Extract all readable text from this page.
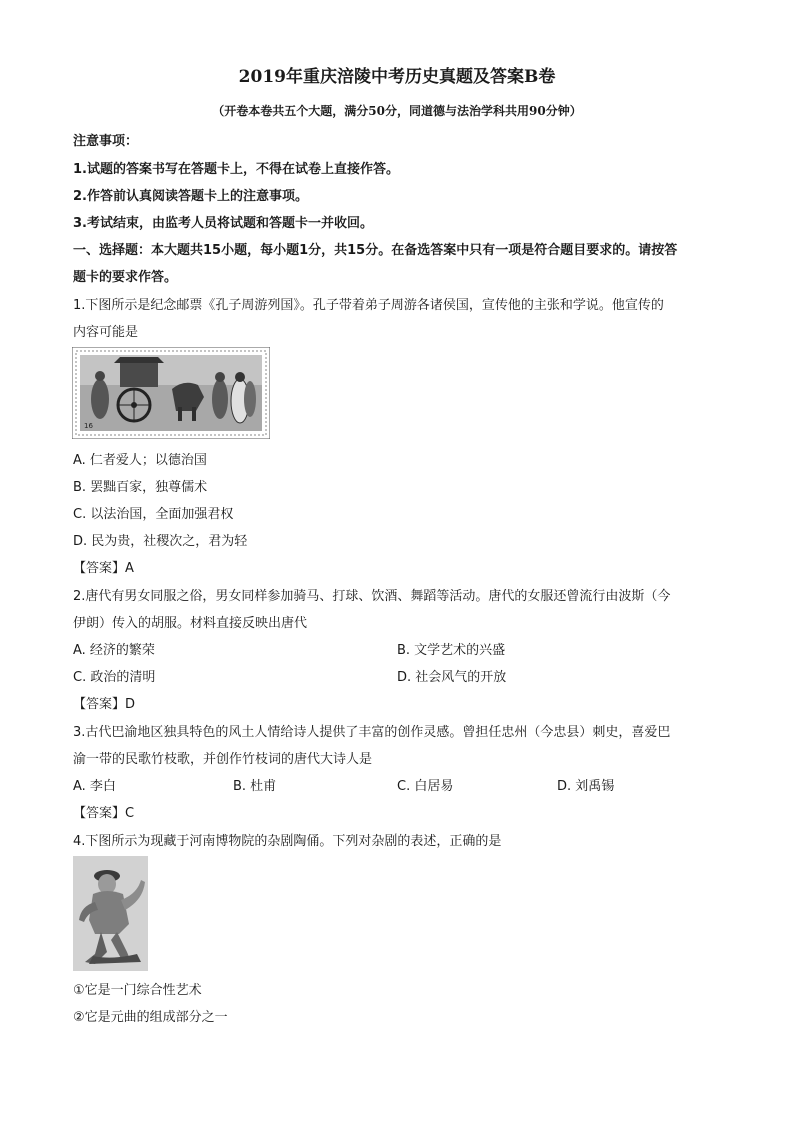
2019年重庆涪陵中考历史真题及答案B卷
（开卷本卷共五个大题，满分50分，同道德与法治学科共用90分钟）
注意事项：
1.试题的答案书写在答题卡上，不得在试卷上直接作答。
2.作答前认真阅读答题卡上的注意事项。
3.考试结束，由监考人员将试题和答题卡一并收回。
一、选择题：本大题共15小题，每小题1分，共15分。在备选答案中只有一项是符合题目要求的。请按答
题卡的要求作答。
1.下图所示是纪念邮票《孔子周游列国》。孔子带着弟子周游各诸侯国，宣传他的主张和学说。他宣传的
内容可能是
16
A. 仁者爱人；以德治国
B. 罢黜百家，独尊儒术
C. 以法治国，全面加强君权
D. 民为贵，社稷次之，君为轻
【答案】A
2.唐代有男女同服之俗，男女同样参加骑马、打球、饮酒、舞蹈等活动。唐代的女服还曾流行由波斯（今
伊朗）传入的胡服。材料直接反映出唐代
A. 经济的繁荣	B. 文学艺术的兴盛
C. 政治的清明	D. 社会风气的开放
【答案】D
3.古代巴渝地区独具特色的风土人情给诗人提供了丰富的创作灵感。曾担任忠州（今忠县）刺史，喜爱巴
渝一带的民歌竹枝歌，并创作竹枝词的唐代大诗人是
A. 李白	B. 杜甫	C. 白居易	D. 刘禹锡
【答案】C
4.下图所示为现藏于河南博物院的杂剧陶俑。下列对杂剧的表述，正确的是
①它是一门综合性艺术
②它是元曲的组成部分之一
